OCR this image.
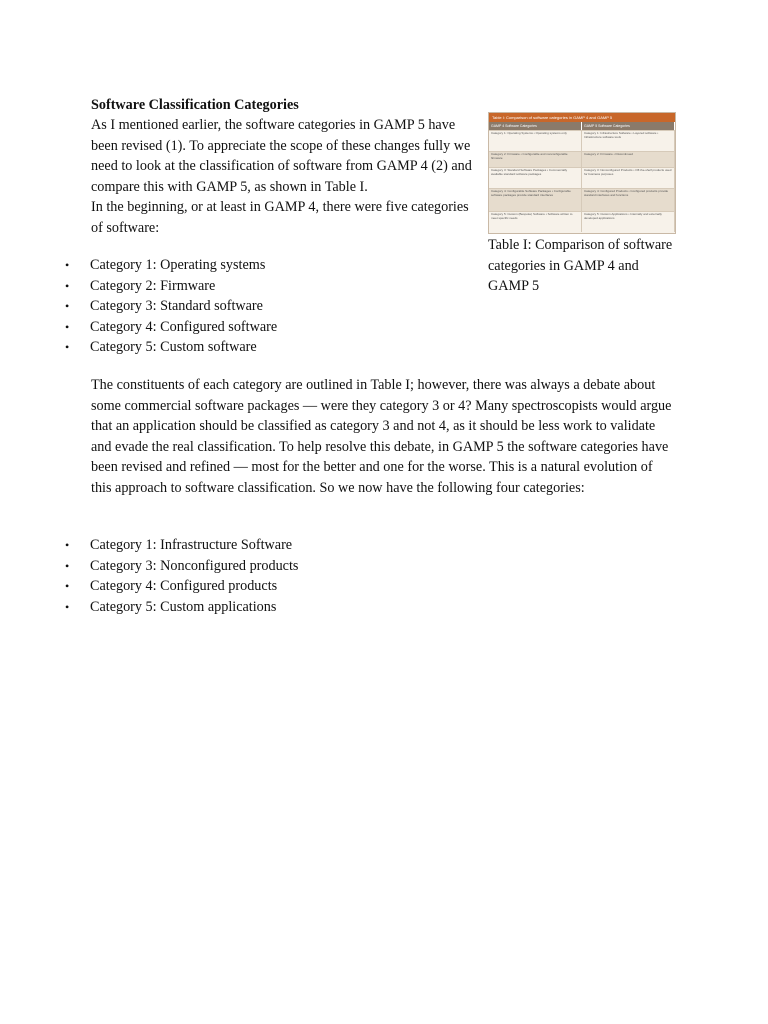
Software Classification Categories

As I mentioned earlier, the software categories in GAMP 5 have been revised (1). To appreciate the scope of these changes fully we need to look at the classification of software from GAMP 4 (2) and compare this with GAMP 5, as shown in Table I.

In the beginning, or at least in GAMP 4, there were five categories of software:

Table I: Comparison of software categories in GAMP 4 and GAMP 5
GAMP 4 Software Categories	GAMP 5 Software Categories
Category 1: Operating Systems • Operating systems only	Category 1: Infrastructure Software • Layered software • Infrastructure software tools
Category 2: Firmware • Configurable and nonconfigurable firmware
Category 2: Firmware • Discontinued
Category 3: Standard Software Packages • Commercially available standard software packages
Category 3: Nonconfigured Products • Off-the-shelf products used for business purposes
Category 4: Configurable Software Packages • Configurable software packages provide standard interfaces
Category 4: Configured Products • Configured products provide standard interfaces and functions
Category 5: Custom (Bespoke) Software • Software written to meet specific needs
Category 5: Custom Applications • Internally and externally developed applications

Table I: Comparison of software categories in GAMP 4 and GAMP 5

• Category 1: Operating systems
• Category 2: Firmware
• Category 3: Standard software
• Category 4: Configured software
• Category 5: Custom software

The constituents of each category are outlined in Table I; however, there was always a debate about some commercial software packages — were they category 3 or 4? Many spectroscopists would argue that an application should be classified as category 3 and not 4, as it should be less work to validate and evade the real classification. To help resolve this debate, in GAMP 5 the software categories have been revised and refined — most for the better and one for the worse. This is a natural evolution of this approach to software classification. So we now have the following four categories:

• Category 1: Infrastructure Software
• Category 3: Nonconfigured products
• Category 4: Configured products
• Category 5: Custom applications
